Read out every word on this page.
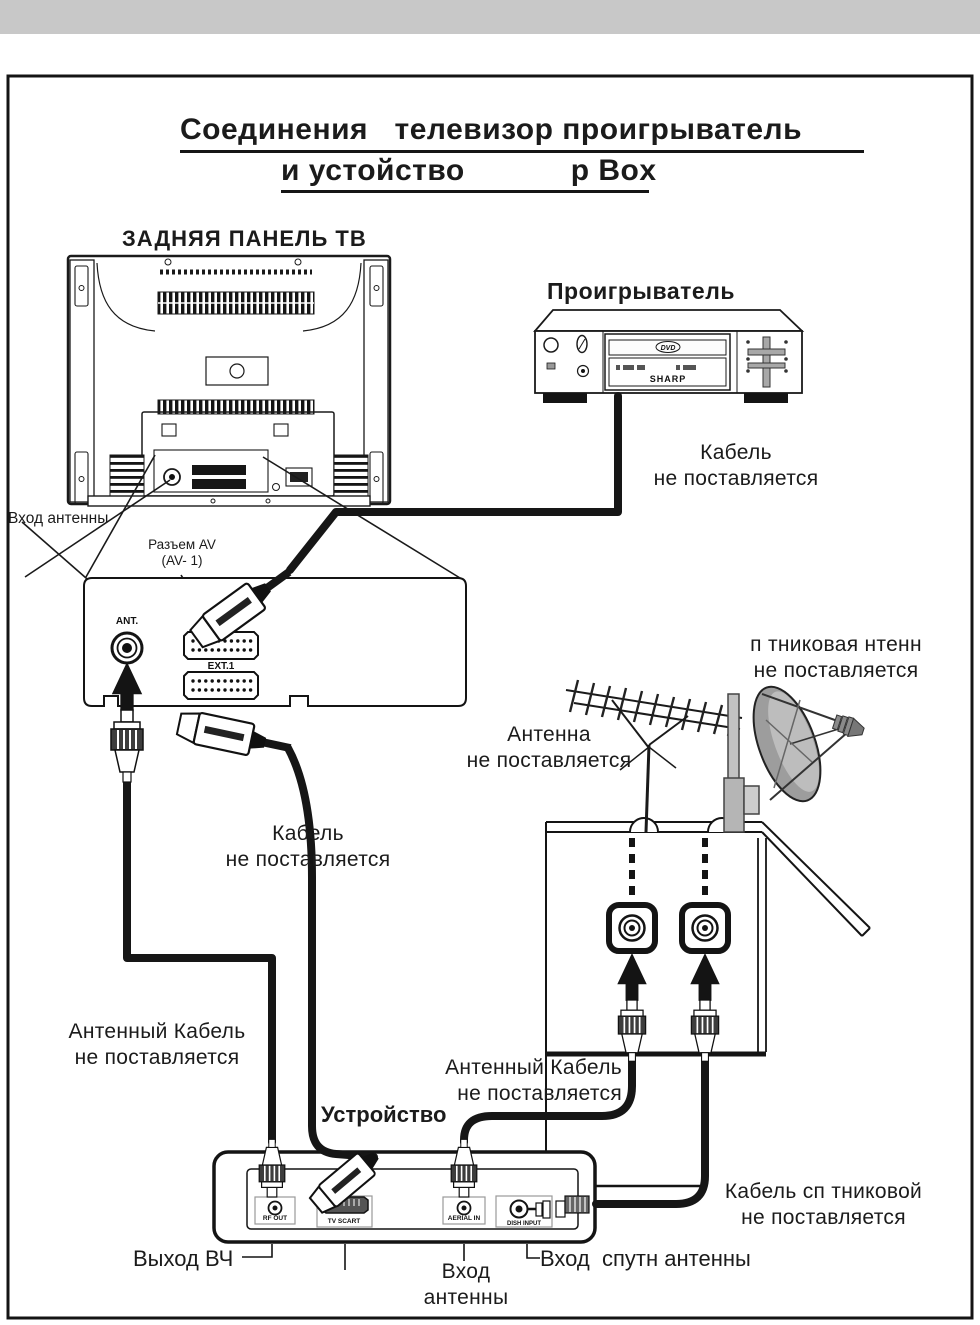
ANT.
EXT.1
DVD
SHARP
RF OUT	TV SCART	AERIAL IN
DISH INPUT
Соединения   телевизор проигрыватель
и устойство            р Box
ЗАДНЯЯ ПАНЕЛЬ ТВ
Проигрыватель
Кабель
не поставляется
Вход антенны
Разъем AV
(AV- 1)
п тниковая нтенн
не поставляется
Антенна
не поставляется
Кабель
не поставляется
Антенный Кабель
не поставляется	Антенный Кабель
не поставляется
Устройство
Кабель сп тниковой
не поставляется
Выход ВЧ
Вход
антенны
Вход  спутн антенны
